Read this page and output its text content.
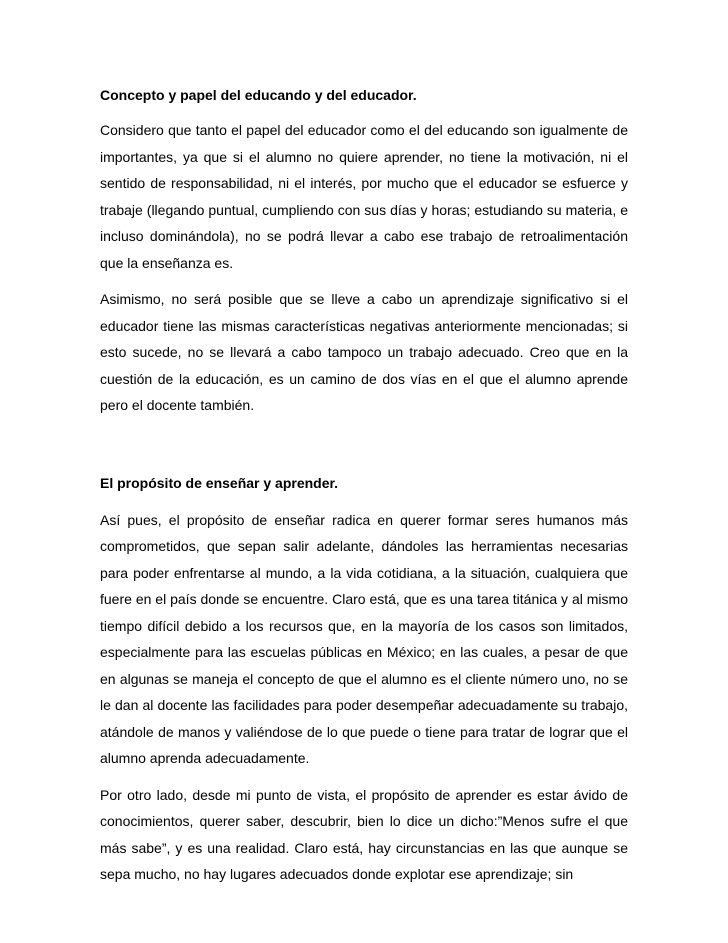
Concepto y papel del educando y del educador.

Considero que tanto el papel del educador como el del educando son igualmente de importantes, ya que si el alumno no quiere aprender, no tiene la motivación, ni el sentido de responsabilidad, ni el interés, por mucho que el educador se esfuerce y trabaje (llegando puntual, cumpliendo con sus días y horas; estudiando su materia, e incluso dominándola), no se podrá llevar a cabo ese trabajo de retroalimentación que la enseñanza es.

Asimismo, no será posible que se lleve a cabo un aprendizaje significativo si el educador tiene las mismas características negativas anteriormente mencionadas; si esto sucede, no se llevará a cabo tampoco un trabajo adecuado. Creo que en la cuestión de la educación, es un camino de dos vías en el que el alumno aprende pero el docente también.

El propósito de enseñar y aprender.

Así pues, el propósito de enseñar radica en querer formar seres humanos más comprometidos, que sepan salir adelante, dándoles las herramientas necesarias para poder enfrentarse al mundo, a la vida cotidiana, a la situación, cualquiera que fuere en el país donde se encuentre. Claro está, que es una tarea titánica y al mismo tiempo difícil debido a los recursos que, en la mayoría de los casos son limitados, especialmente para las escuelas públicas en México; en las cuales, a pesar de que en algunas se maneja el concepto de que el alumno es el cliente número uno, no se le dan al docente las facilidades para poder desempeñar adecuadamente su trabajo, atándole de manos y valiéndose de lo que puede o tiene para tratar de lograr que el alumno aprenda adecuadamente.

Por otro lado, desde mi punto de vista, el propósito de aprender es estar ávido de conocimientos, querer saber, descubrir, bien lo dice un dicho:”Menos sufre el que más sabe”, y es una realidad. Claro está, hay circunstancias en las que aunque se sepa mucho, no hay lugares adecuados donde explotar ese aprendizaje; sin
